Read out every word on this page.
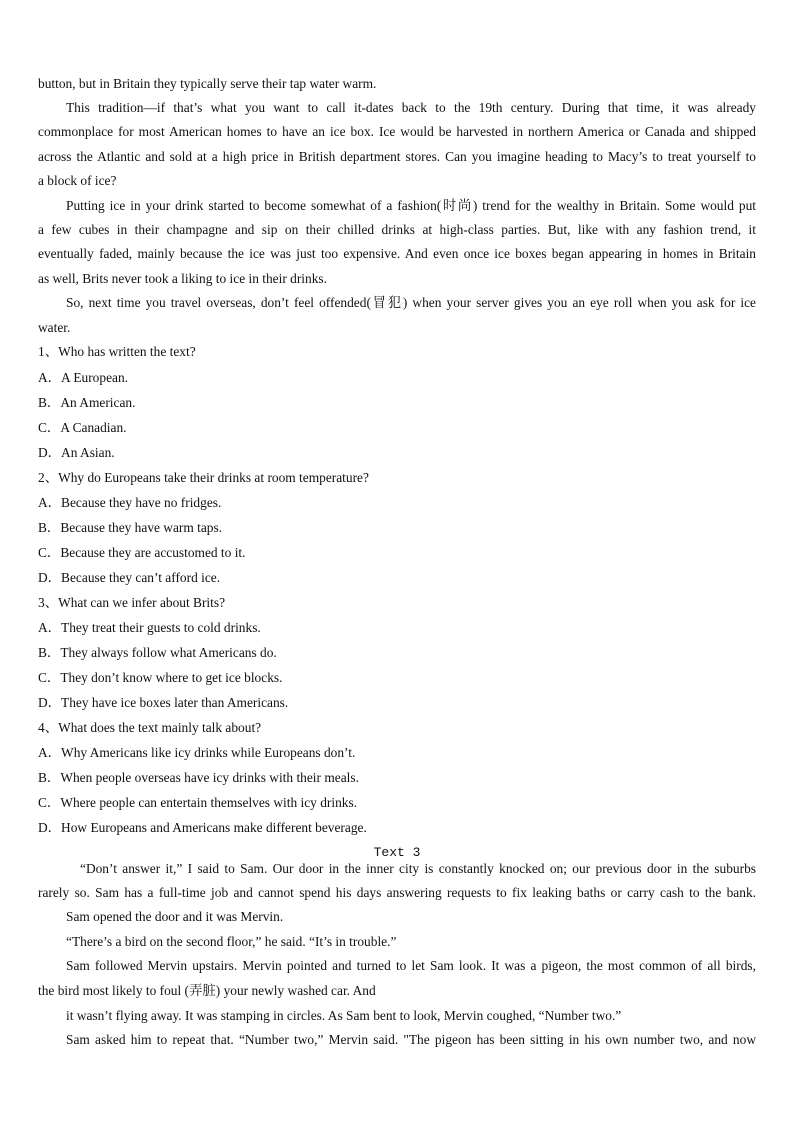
button, but in Britain they typically serve their tap water warm.
This tradition—if that’s what you want to call it-dates back to the 19th century. During that time, it was already
commonplace for most American homes to have an ice box. Ice would be harvested in northern America or Canada and shipped
across the Atlantic and sold at a high price in British department stores. Can you imagine heading to Macy’s to treat yourself to
a block of ice?
Putting ice in your drink started to become somewhat of a fashion(时尚) trend for the wealthy in Britain. Some would put
a few cubes in their champagne and sip on their chilled drinks at high-class parties. But, like with any fashion trend, it
eventually faded, mainly because the ice was just too expensive. And even once ice boxes began appearing in homes in Britain
as well, Brits never took a liking to ice in their drinks.
So, next time you travel overseas, don’t feel offended(冒犯) when your server gives you an eye roll when you ask for ice
water.
1、Who has written the text?
A．A European.
B．An American.
C．A Canadian.
D．An Asian.
2、Why do Europeans take their drinks at room temperature?
A．Because they have no fridges.
B．Because they have warm taps.
C．Because they are accustomed to it.
D．Because they can’t afford ice.
3、What can we infer about Brits?
A．They treat their guests to cold drinks.
B．They always follow what Americans do.
C．They don’t know where to get ice blocks.
D．They have ice boxes later than Americans.
4、What does the text mainly talk about?
A．Why Americans like icy drinks while Europeans don’t.
B．When people overseas have icy drinks with their meals.
C．Where people can entertain themselves with icy drinks.
D．How Europeans and Americans make different beverage.
Text 3
“Don’t answer it,” I said to Sam. Our door in the inner city is constantly knocked on; our previous door in the suburbs
rarely so. Sam has a full-time job and cannot spend his days answering requests to fix leaking baths or carry cash to the bank.
Sam opened the door and it was Mervin.
“There’s a bird on the second floor,” he said. “It’s in trouble.”
Sam followed Mervin upstairs. Mervin pointed and turned to let Sam look. It was a pigeon, the most common of all birds,
the bird most likely to foul (弄脏) your newly washed car. And
it wasn’t flying away. It was stamping in circles. As Sam bent to look, Mervin coughed, “Number two.”
Sam asked him to repeat that. “Number two,” Mervin said. "The pigeon has been sitting in his own number two, and now
